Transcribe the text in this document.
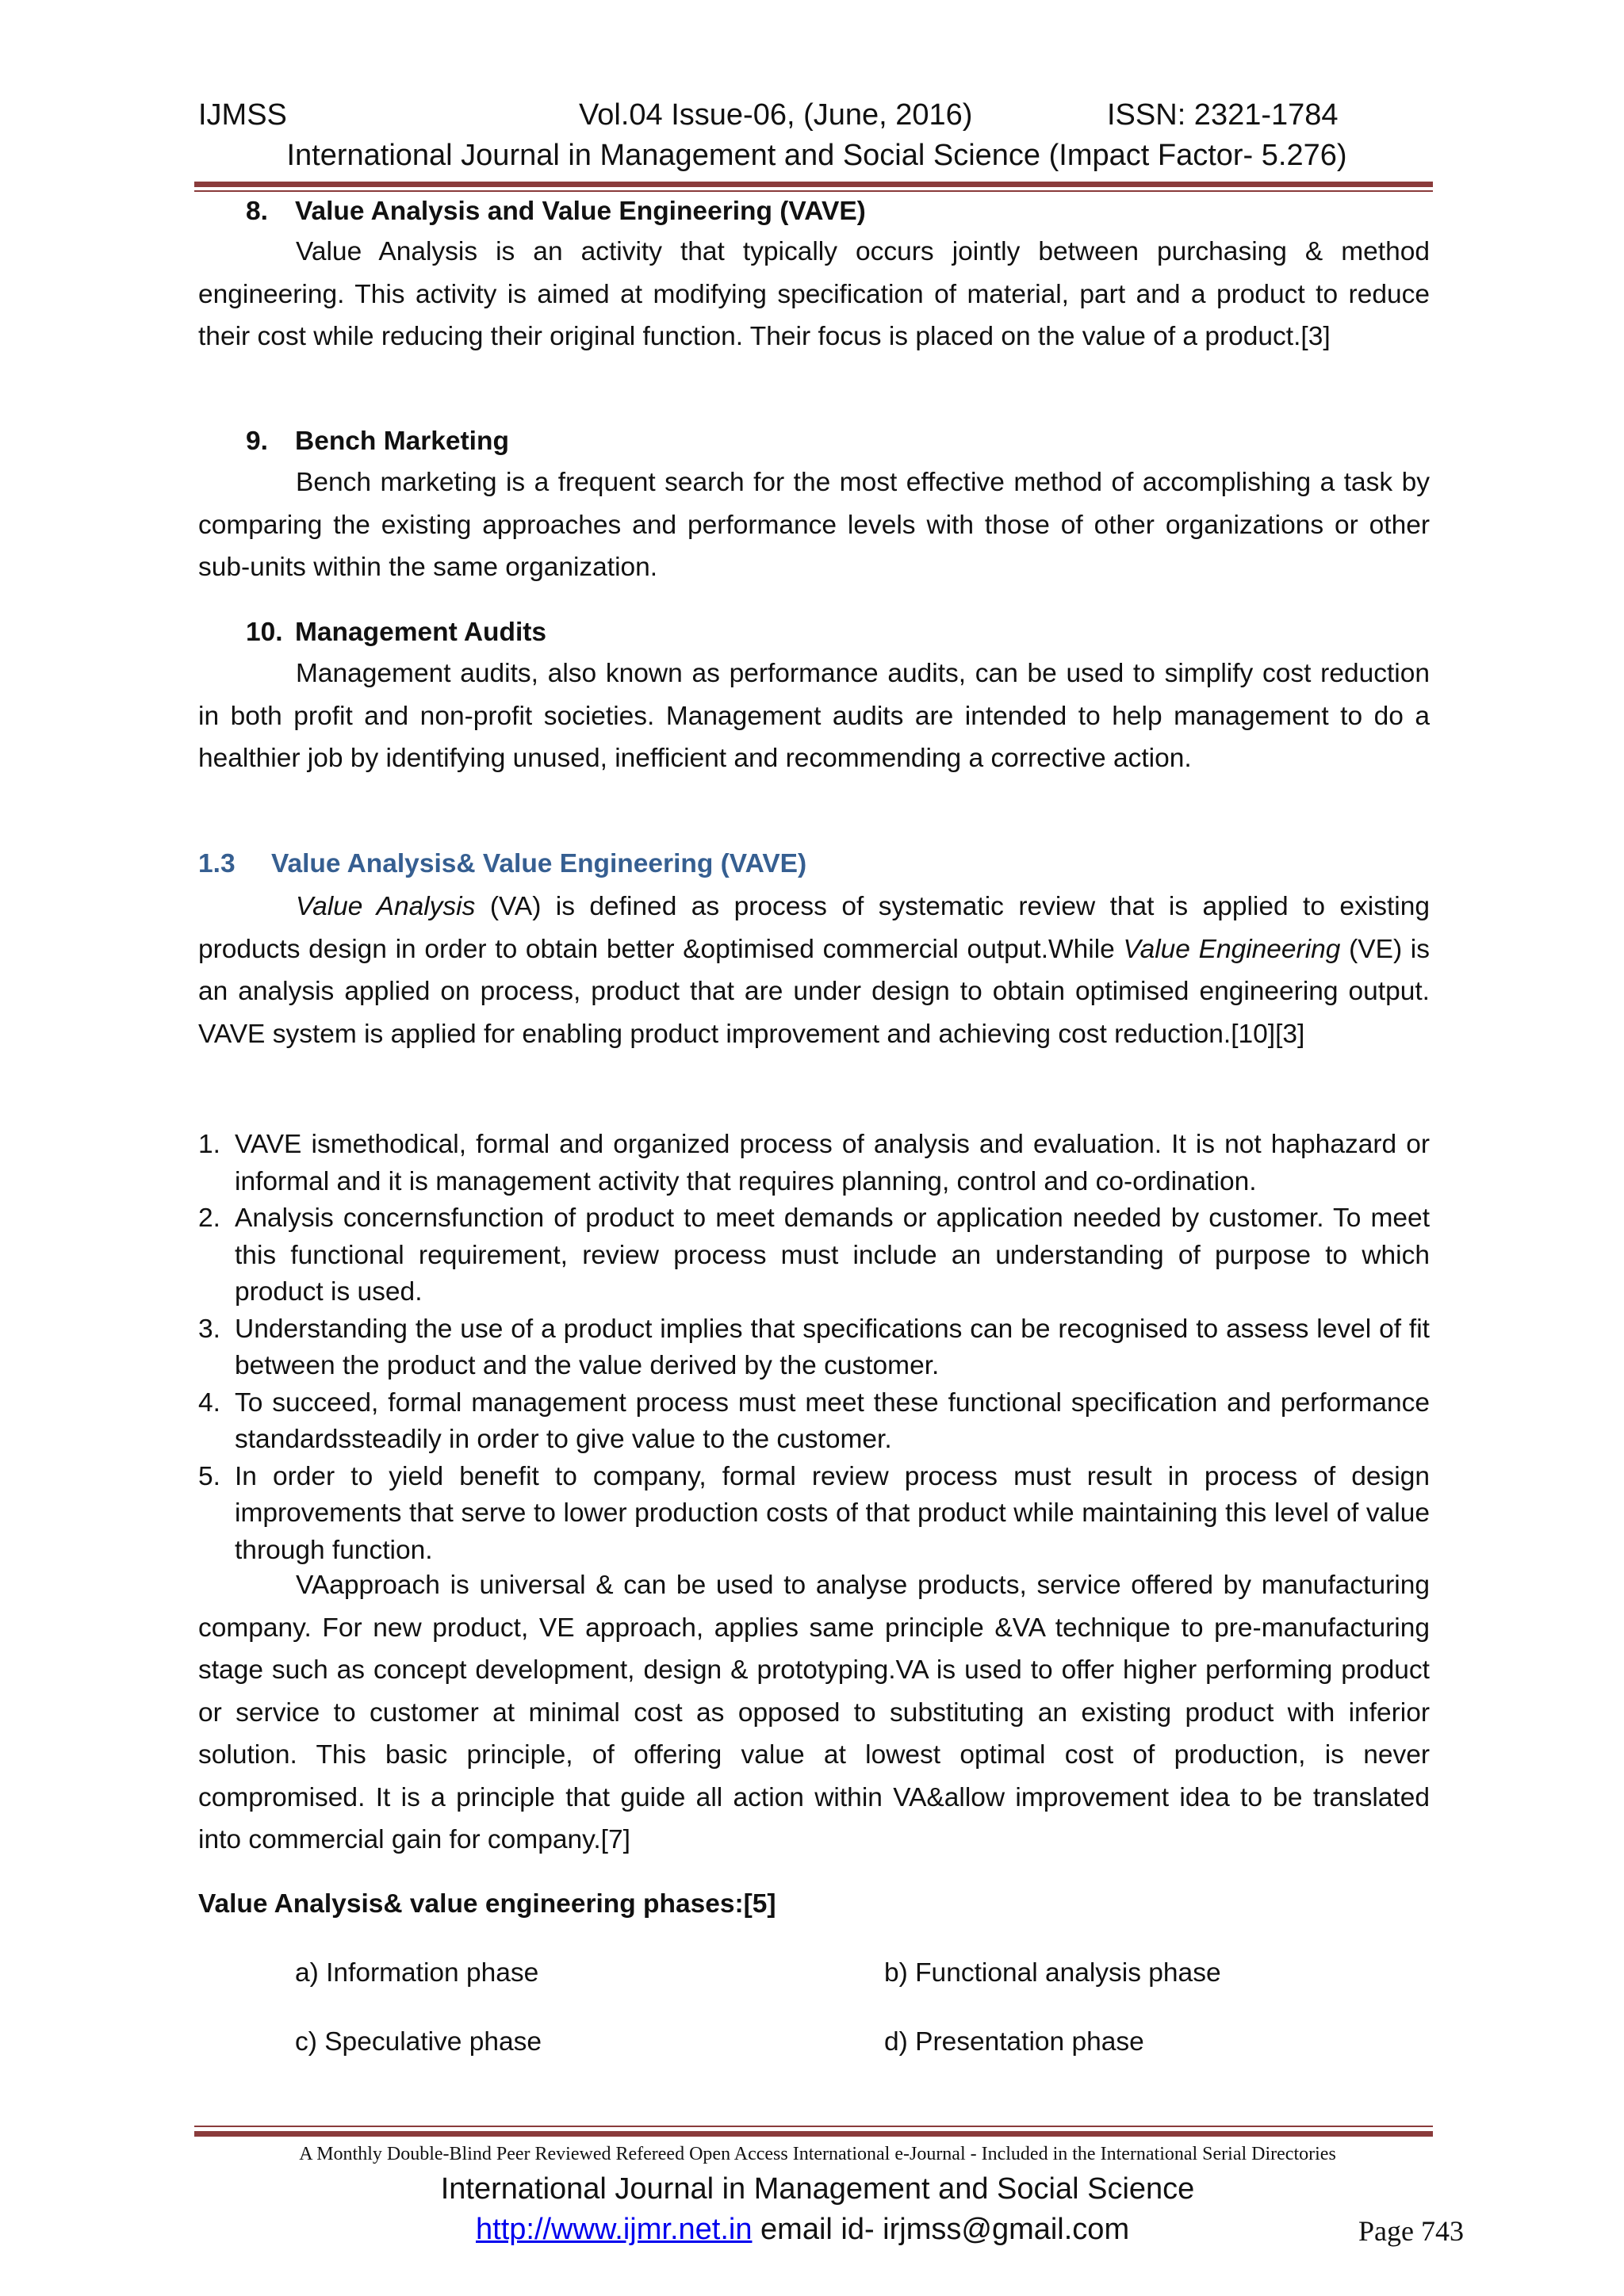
IJMSS	Vol.04 Issue-06, (June, 2016)	ISSN: 2321-1784
International Journal in Management and Social Science (Impact Factor- 5.276)
8. Value Analysis and Value Engineering (VAVE)

Value Analysis is an activity that typically occurs jointly between purchasing & method engineering. This activity is aimed at modifying specification of material, part and a product to reduce their cost while reducing their original function. Their focus is placed on the value of a product.[3]

9. Bench Marketing

Bench marketing is a frequent search for the most effective method of accomplishing a task by comparing the existing approaches and performance levels with those of other organizations or other sub-units within the same organization.

10. Management Audits

Management audits, also known as performance audits, can be used to simplify cost reduction in both profit and non-profit societies. Management audits are intended to help management to do a healthier job by identifying unused, inefficient and recommending a corrective action.

1.3 Value Analysis& Value Engineering (VAVE)

Value Analysis (VA) is defined as process of systematic review that is applied to existing products design in order to obtain better &optimised commercial output.While Value Engineering (VE) is an analysis applied on process, product that are under design to obtain optimised engineering output. VAVE system is applied for enabling product improvement and achieving cost reduction.[10][3]

1. VAVE ismethodical, formal and organized process of analysis and evaluation. It is not haphazard or informal and it is management activity that requires planning, control and co-ordination.
2. Analysis concernsfunction of product to meet demands or application needed by customer. To meet this functional requirement, review process must include an understanding of purpose to which product is used.
3. Understanding the use of a product implies that specifications can be recognised to assess level of fit between the product and the value derived by the customer.
4. To succeed, formal management process must meet these functional specification and performance standardssteadily in order to give value to the customer.
5. In order to yield benefit to company, formal review process must result in process of design improvements that serve to lower production costs of that product while maintaining this level of value through function.

VAapproach is universal & can be used to analyse products, service offered by manufacturing company. For new product, VE approach, applies same principle &VA technique to pre-manufacturing stage such as concept development, design & prototyping.VA is used to offer higher performing product or service to customer at minimal cost as opposed to substituting an existing product with inferior solution. This basic principle, of offering value at lowest optimal cost of production, is never compromised. It is a principle that guide all action within VA&allow improvement idea to be translated into commercial gain for company.[7]

Value Analysis& value engineering phases:[5]
a) Information phase	b) Functional analysis phase
c) Speculative phase	d) Presentation phase
A Monthly Double-Blind Peer Reviewed Refereed Open Access International e-Journal - Included in the International Serial Directories
International Journal in Management and Social Science
http://www.ijmr.net.in email id- irjmss@gmail.com	Page 743
